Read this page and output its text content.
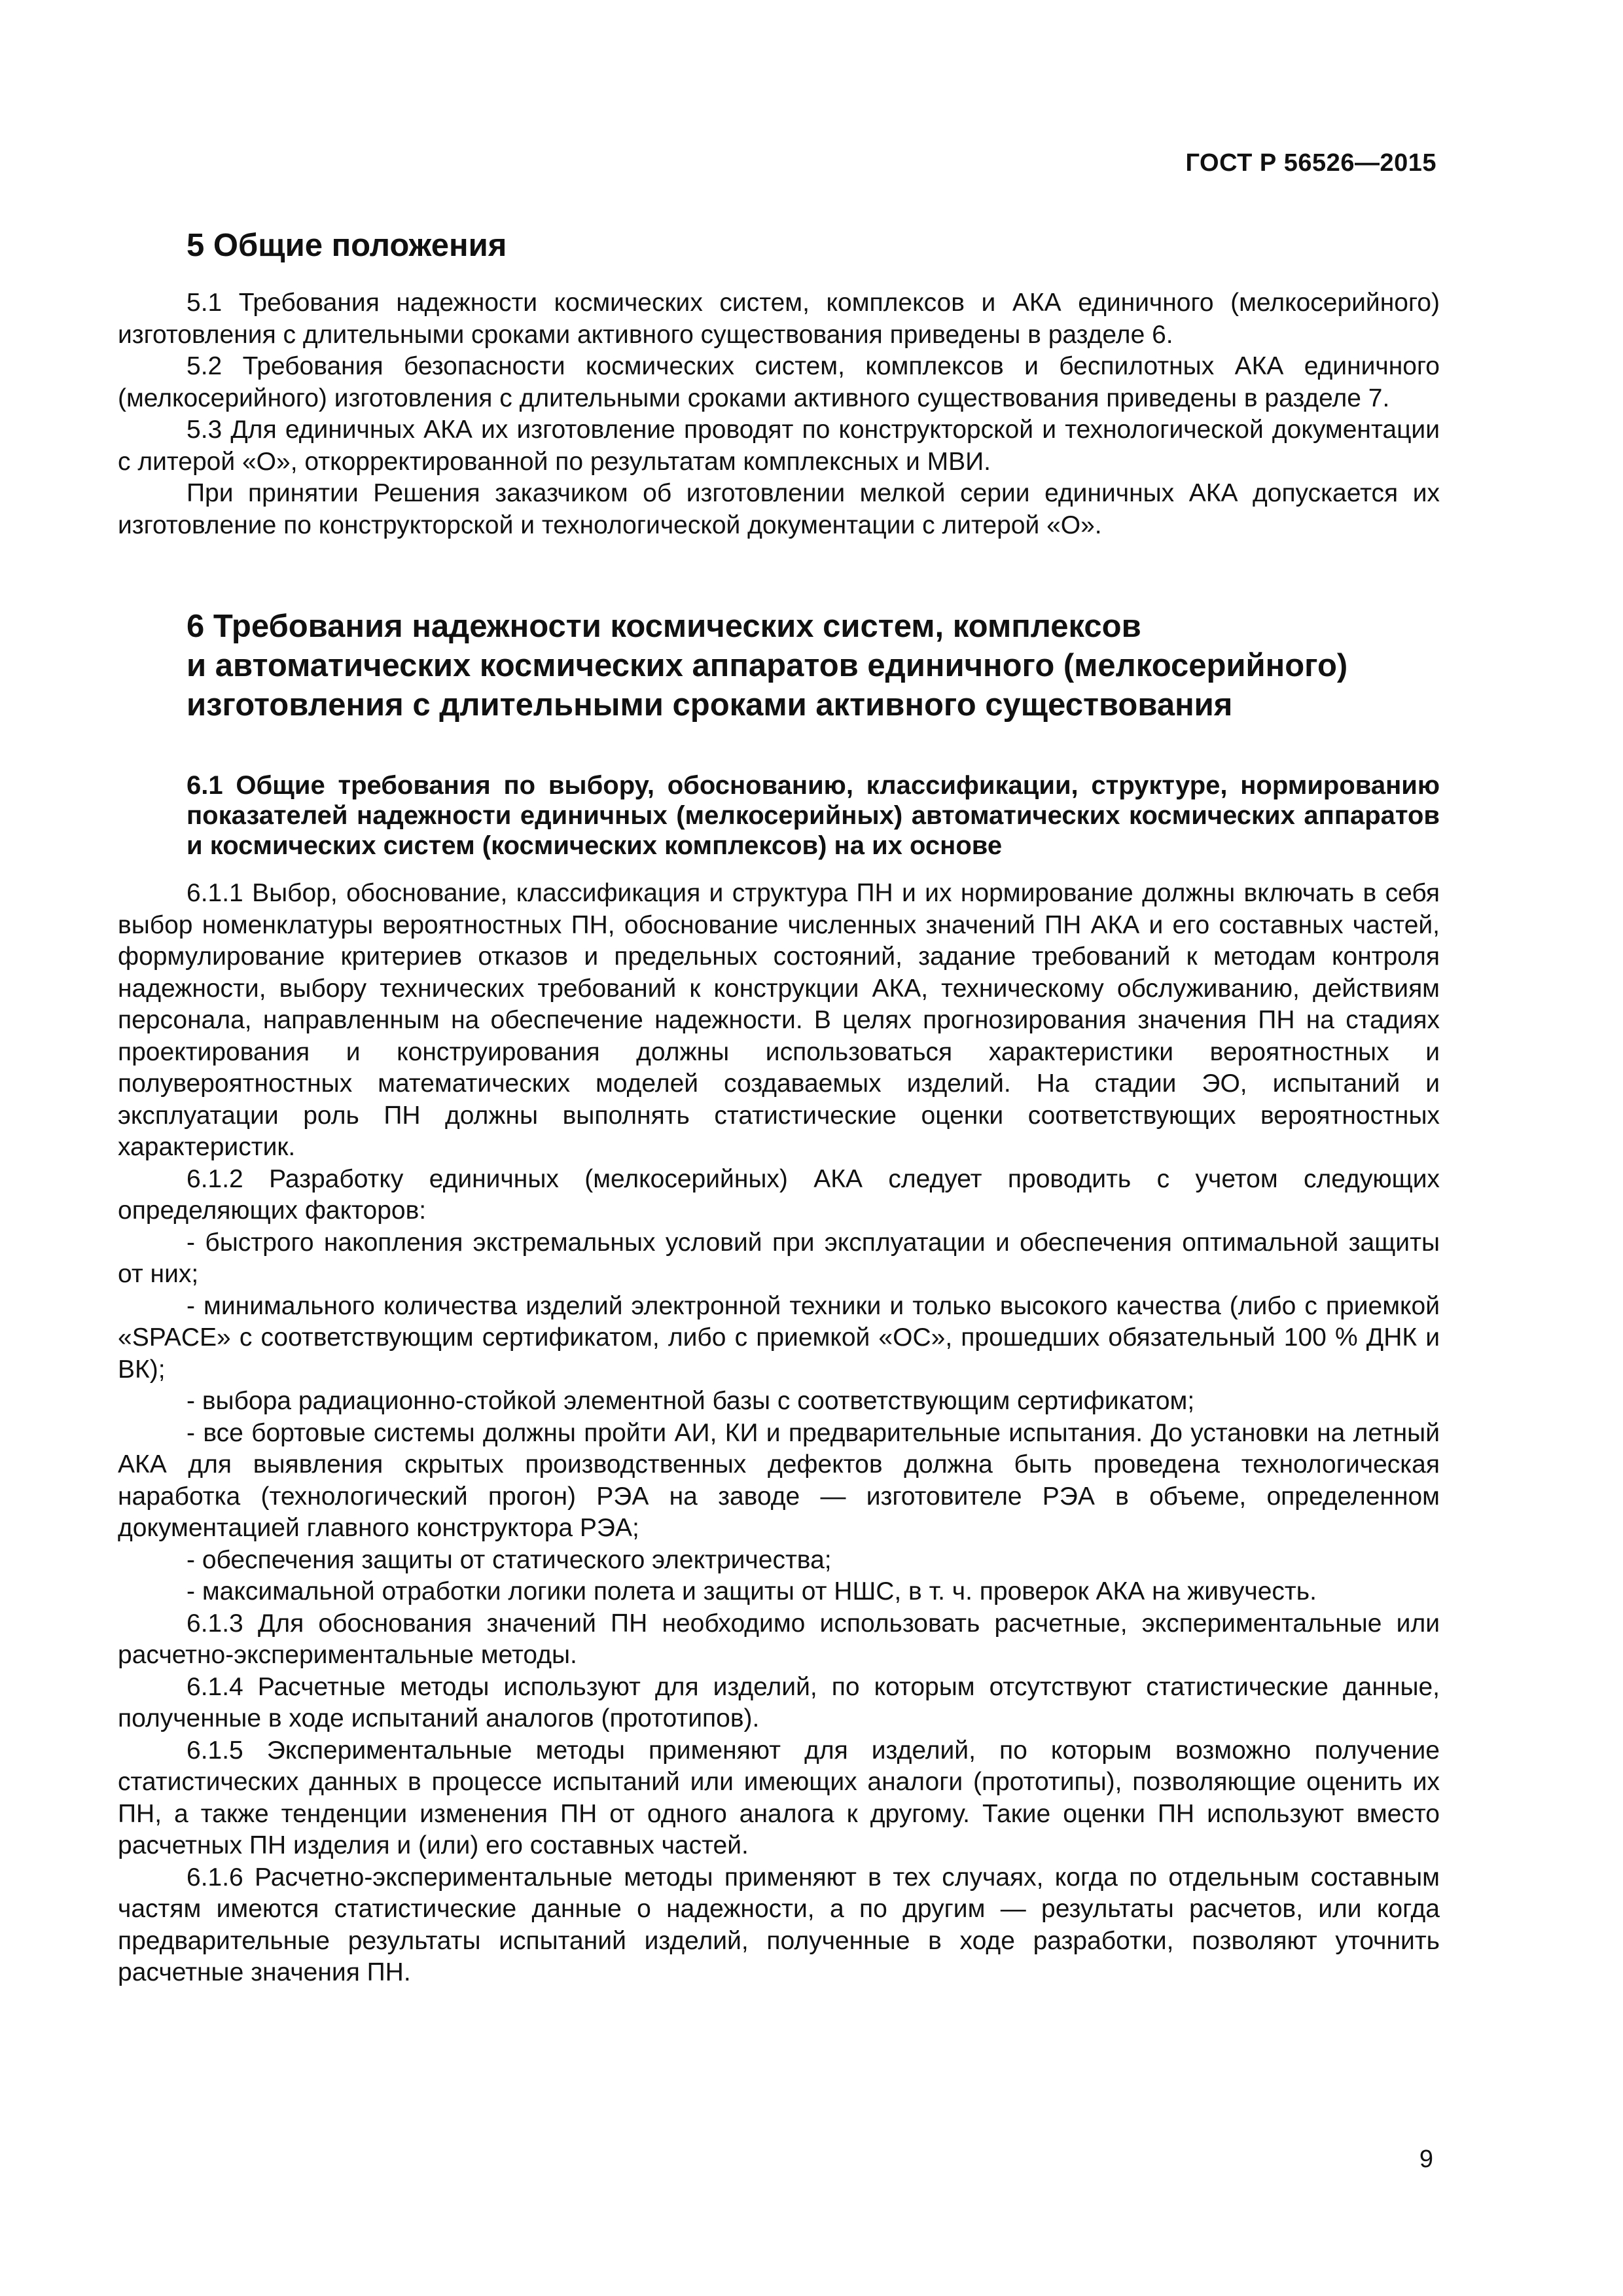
ГОСТ Р 56526—2015
5 Общие положения

5.1 Требования надежности космических систем, комплексов и АКА единичного (мелкосерийного) изготовления с длительными сроками активного существования приведены в разделе 6.

5.2 Требования безопасности космических систем, комплексов и беспилотных АКА единичного (мелкосерийного) изготовления с длительными сроками активного существования приведены в разделе 7.

5.3 Для единичных АКА их изготовление проводят по конструкторской и технологической документации с литерой «О», откорректированной по результатам комплексных и МВИ.

При принятии Решения заказчиком об изготовлении мелкой серии единичных АКА допускается их изготовление по конструкторской и технологической документации с литерой «О».

6 Требования надежности космических систем, комплексов
и автоматических космических аппаратов единичного (мелкосерийного)
изготовления с длительными сроками активного существования
6.1 Общие требования по выбору, обоснованию, классификации, структуре, нормированию показателей надежности единичных (мелкосерийных) автоматических космических аппаратов и космических систем (космических комплексов) на их основе

6.1.1 Выбор, обоснование, классификация и структура ПН и их нормирование должны включать в себя выбор номенклатуры вероятностных ПН, обоснование численных значений ПН АКА и его составных частей, формулирование критериев отказов и предельных состояний, задание требований к методам контроля надежности, выбору технических требований к конструкции АКА, техническому обслуживанию, действиям персонала, направленным на обеспечение надежности. В целях прогнозирования значения ПН на стадиях проектирования и конструирования должны использоваться характеристики вероятностных и полувероятностных математических моделей создаваемых изделий. На стадии ЭО, испытаний и эксплуатации роль ПН должны выполнять статистические оценки соответствующих вероятностных характеристик.

6.1.2 Разработку единичных (мелкосерийных) АКА следует проводить с учетом следующих определяющих факторов:

- быстрого накопления экстремальных условий при эксплуатации и обеспечения оптимальной защиты от них;

- минимального количества изделий электронной техники и только высокого качества (либо с приемкой «SPACE» с соответствующим сертификатом, либо с приемкой «ОС», прошедших обязательный 100 % ДНК и ВК);

- выбора радиационно-стойкой элементной базы с соответствующим сертификатом;

- все бортовые системы должны пройти АИ, КИ и предварительные испытания. До установки на летный АКА для выявления скрытых производственных дефектов должна быть проведена технологическая наработка (технологический прогон) РЭА на заводе — изготовителе РЭА в объеме, определенном документацией главного конструктора РЭА;

- обеспечения защиты от статического электричества;

- максимальной отработки логики полета и защиты от НШС, в т. ч. проверок АКА на живучесть.

6.1.3 Для обоснования значений ПН необходимо использовать расчетные, экспериментальные или расчетно-экспериментальные методы.

6.1.4 Расчетные методы используют для изделий, по которым отсутствуют статистические данные, полученные в ходе испытаний аналогов (прототипов).

6.1.5 Экспериментальные методы применяют для изделий, по которым возможно получение статистических данных в процессе испытаний или имеющих аналоги (прототипы), позволяющие оценить их ПН, а также тенденции изменения ПН от одного аналога к другому. Такие оценки ПН используют вместо расчетных ПН изделия и (или) его составных частей.

6.1.6 Расчетно-экспериментальные методы применяют в тех случаях, когда по отдельным составным частям имеются статистические данные о надежности, а по другим — результаты расчетов, или когда предварительные результаты испытаний изделий, полученные в ходе разработки, позволяют уточнить расчетные значения ПН.

9
